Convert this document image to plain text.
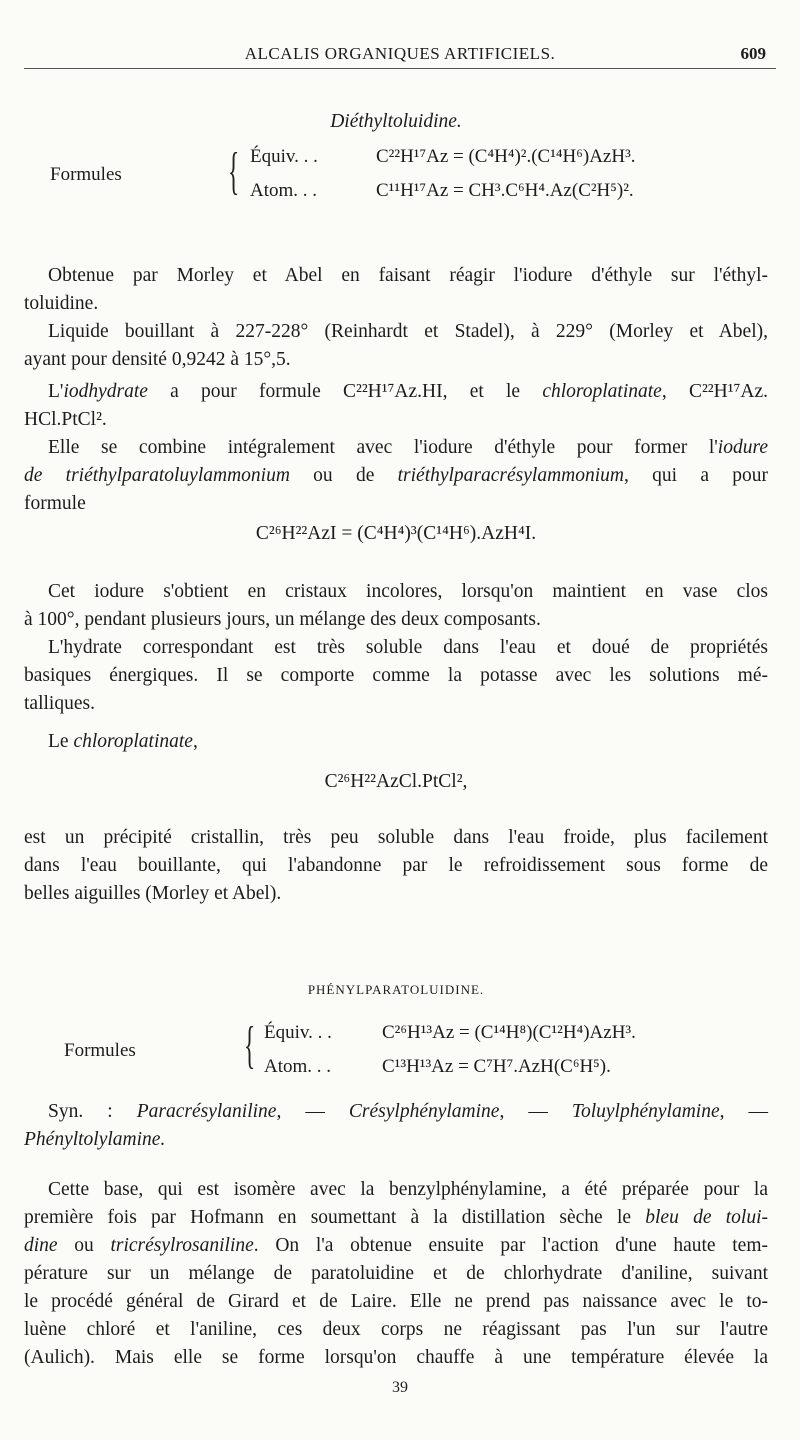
ALCALIS ORGANIQUES ARTIFICIELS.	609
Diéthyltoluidine.
Formules { Équiv. . .	C²²H¹⁷Az = (C⁴H⁴)².(C¹⁴H⁶)AzH³.
Atom. . .	C¹¹H¹⁷Az = CH³.C⁶H⁴.Az(C²H⁵)².
Obtenue par Morley et Abel en faisant réagir l'iodure d'éthyle sur l'éthyl-
toluidine.
Liquide bouillant à 227-228° (Reinhardt et Stadel), à 229° (Morley et Abel),
ayant pour densité 0,9242 à 15°,5.
L'iodhydrate a pour formule C²²H¹⁷Az.HI, et le chloroplatinate, C²²H¹⁷Az.
HCl.PtCl².
Elle se combine intégralement avec l'iodure d'éthyle pour former l'iodure
de triéthylparatoluylammonium ou de triéthylparacrésylammonium, qui a pour
formule
C²⁶H²²AzI = (C⁴H⁴)³(C¹⁴H⁶).AzH⁴I.
Cet iodure s'obtient en cristaux incolores, lorsqu'on maintient en vase clos
à 100°, pendant plusieurs jours, un mélange des deux composants.
L'hydrate correspondant est très soluble dans l'eau et doué de propriétés
basiques énergiques. Il se comporte comme la potasse avec les solutions mé-
talliques.
Le chloroplatinate,
C²⁶H²²AzCl.PtCl²,
est un précipité cristallin, très peu soluble dans l'eau froide, plus facilement
dans l'eau bouillante, qui l'abandonne par le refroidissement sous forme de
belles aiguilles (Morley et Abel).
PHÉNYLPARATOLUIDINE.
Formules { Équiv. . .	C²⁶H¹³Az = (C¹⁴H⁸)(C¹²H⁴)AzH³.
Atom. . .	C¹³H¹³Az = C⁷H⁷.AzH(C⁶H⁵).
Syn. : Paracrésylaniline, — Crésylphénylamine, — Toluylphénylamine, —
Phényltolylamine.
Cette base, qui est isomère avec la benzylphénylamine, a été préparée pour la
première fois par Hofmann en soumettant à la distillation sèche le bleu de tolui-
dine ou tricrésylrosaniline. On l'a obtenue ensuite par l'action d'une haute tem-
pérature sur un mélange de paratoluidine et de chlorhydrate d'aniline, suivant
le procédé général de Girard et de Laire. Elle ne prend pas naissance avec le to-
luène chloré et l'aniline, ces deux corps ne réagissant pas l'un sur l'autre
(Aulich). Mais elle se forme lorsqu'on chauffe à une température élevée la
39
